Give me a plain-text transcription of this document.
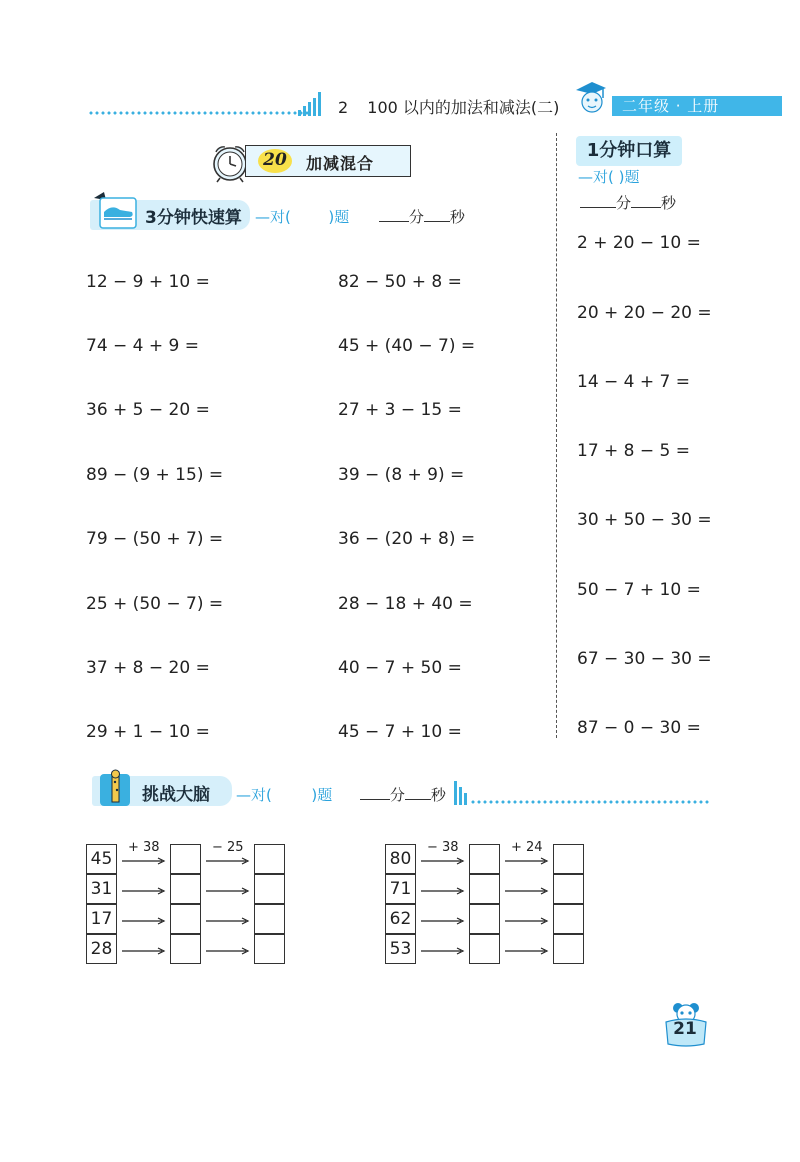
2 100 以内的加法和减法(二)	二年级 · 上册
20	加减混合
3分钟快速算 —对(	)题	分 秒
12 − 9 + 10 =
74 − 4 + 9 =
36 + 5 − 20 =
89 − (9 + 15) =
79 − (50 + 7) =
25 + (50 − 7) =
37 + 8 − 20 =
29 + 1 − 10 =
82 − 50 + 8 =
45 + (40 − 7) =
27 + 3 − 15 =
39 − (8 + 9) =
36 − (20 + 8) =
28 − 18 + 40 =
40 − 7 + 50 =
45 − 7 + 10 =
1分钟口算
—对( )题
分 秒
2 + 20 − 10 =
20 + 20 − 20 =
14 − 4 + 7 =
17 + 8 − 5 =
30 + 50 − 30 =
50 − 7 + 10 =
67 − 30 − 30 =
87 − 0 − 30 =
挑战大脑 —对(	)题	分 秒
+ 38	− 25
45
31
17
28
− 38	+ 24
80
71
62
53
21
